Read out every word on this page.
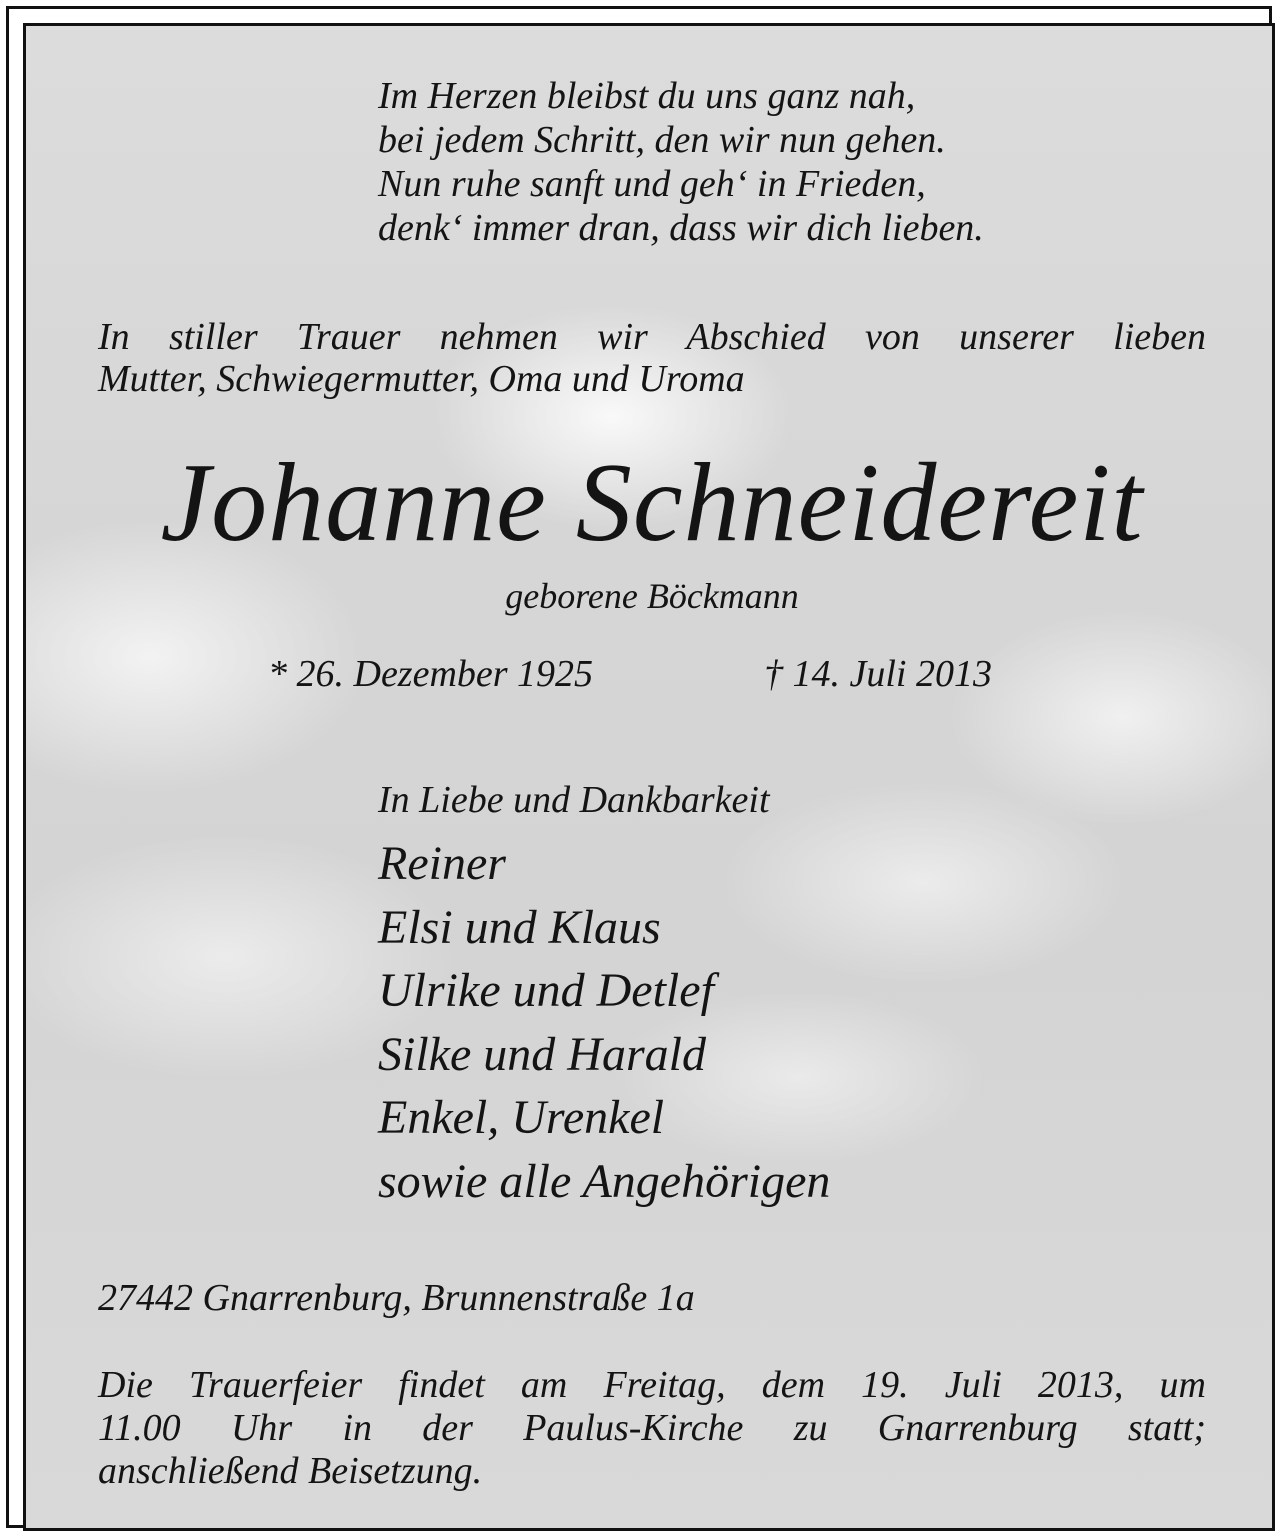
Im Herzen bleibst du uns ganz nah,
bei jedem Schritt, den wir nun gehen.
Nun ruhe sanft und geh‘ in Frieden,
denk‘ immer dran, dass wir dich lieben.
In stiller Trauer nehmen wir Abschied von unserer lieben
Mutter, Schwiegermutter, Oma und Uroma
Johanne Schneidereit
geborene Böckmann
* 26. Dezember 1925	† 14. Juli 2013
In Liebe und Dankbarkeit
Reiner
Elsi und Klaus
Ulrike und Detlef
Silke und Harald
Enkel, Urenkel
sowie alle Angehörigen
27442 Gnarrenburg, Brunnenstraße 1a
Die Trauerfeier findet am Freitag, dem 19. Juli 2013, um
11.00 Uhr in der Paulus-Kirche zu Gnarrenburg statt;
anschließend Beisetzung.
